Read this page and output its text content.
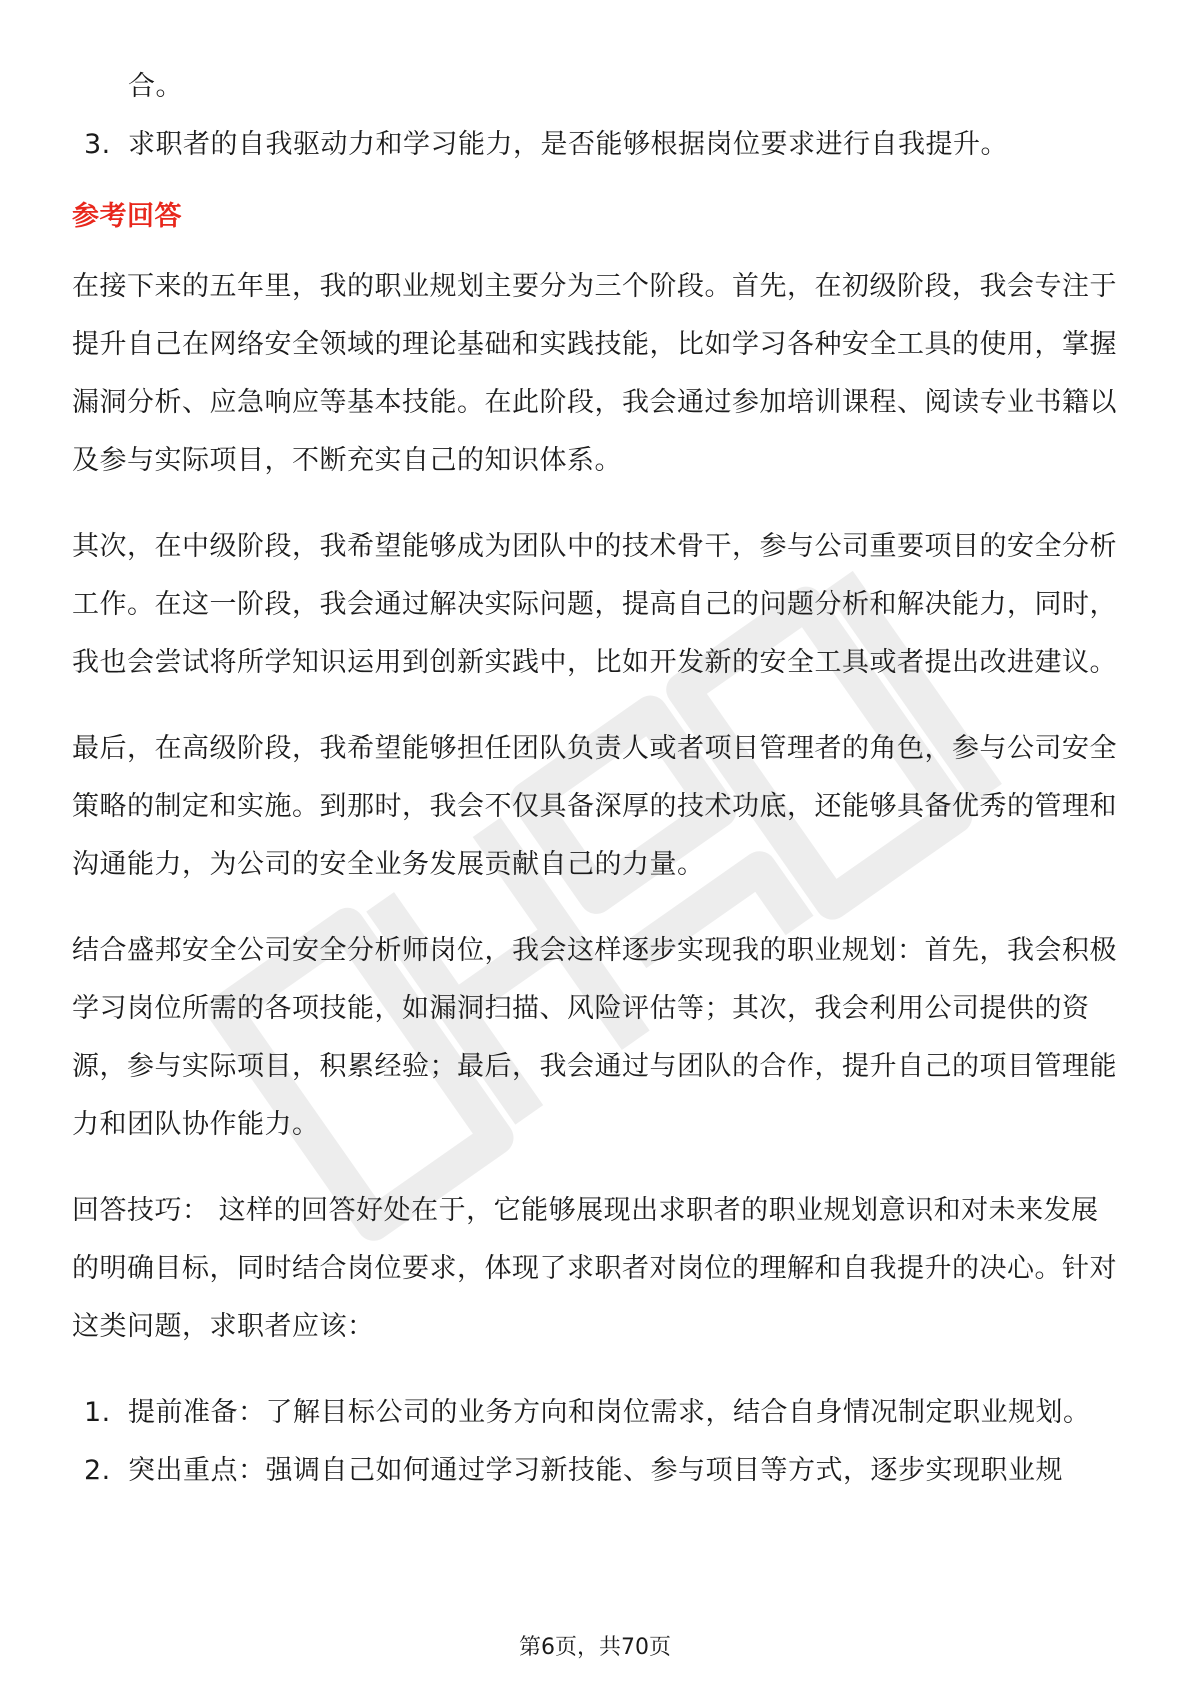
合。

3. 求职者的自我驱动力和学习能力，是否能够根据岗位要求进行自我提升。
参考回答

在接下来的五年里，我的职业规划主要分为三个阶段。首先，在初级阶段，我会专注于提升自己在网络安全领域的理论基础和实践技能，比如学习各种安全工具的使用，掌握漏洞分析、应急响应等基本技能。在此阶段，我会通过参加培训课程、阅读专业书籍以及参与实际项目，不断充实自己的知识体系。

其次，在中级阶段，我希望能够成为团队中的技术骨干，参与公司重要项目的安全分析工作。在这一阶段，我会通过解决实际问题，提高自己的问题分析和解决能力，同时，我也会尝试将所学知识运用到创新实践中，比如开发新的安全工具或者提出改进建议。

最后，在高级阶段，我希望能够担任团队负责人或者项目管理者的角色，参与公司安全策略的制定和实施。到那时，我会不仅具备深厚的技术功底，还能够具备优秀的管理和沟通能力，为公司的安全业务发展贡献自己的力量。

结合盛邦安全公司安全分析师岗位，我会这样逐步实现我的职业规划：首先，我会积极学习岗位所需的各项技能，如漏洞扫描、风险评估等；其次，我会利用公司提供的资源，参与实际项目，积累经验；最后，我会通过与团队的合作，提升自己的项目管理能力和团队协作能力。

回答技巧： 这样的回答好处在于，它能够展现出求职者的职业规划意识和对未来发展的明确目标，同时结合岗位要求，体现了求职者对岗位的理解和自我提升的决心。针对这类问题，求职者应该：

1. 提前准备：了解目标公司的业务方向和岗位需求，结合自身情况制定职业规划。
2. 突出重点：强调自己如何通过学习新技能、参与项目等方式，逐步实现职业规
第6页，共70页
